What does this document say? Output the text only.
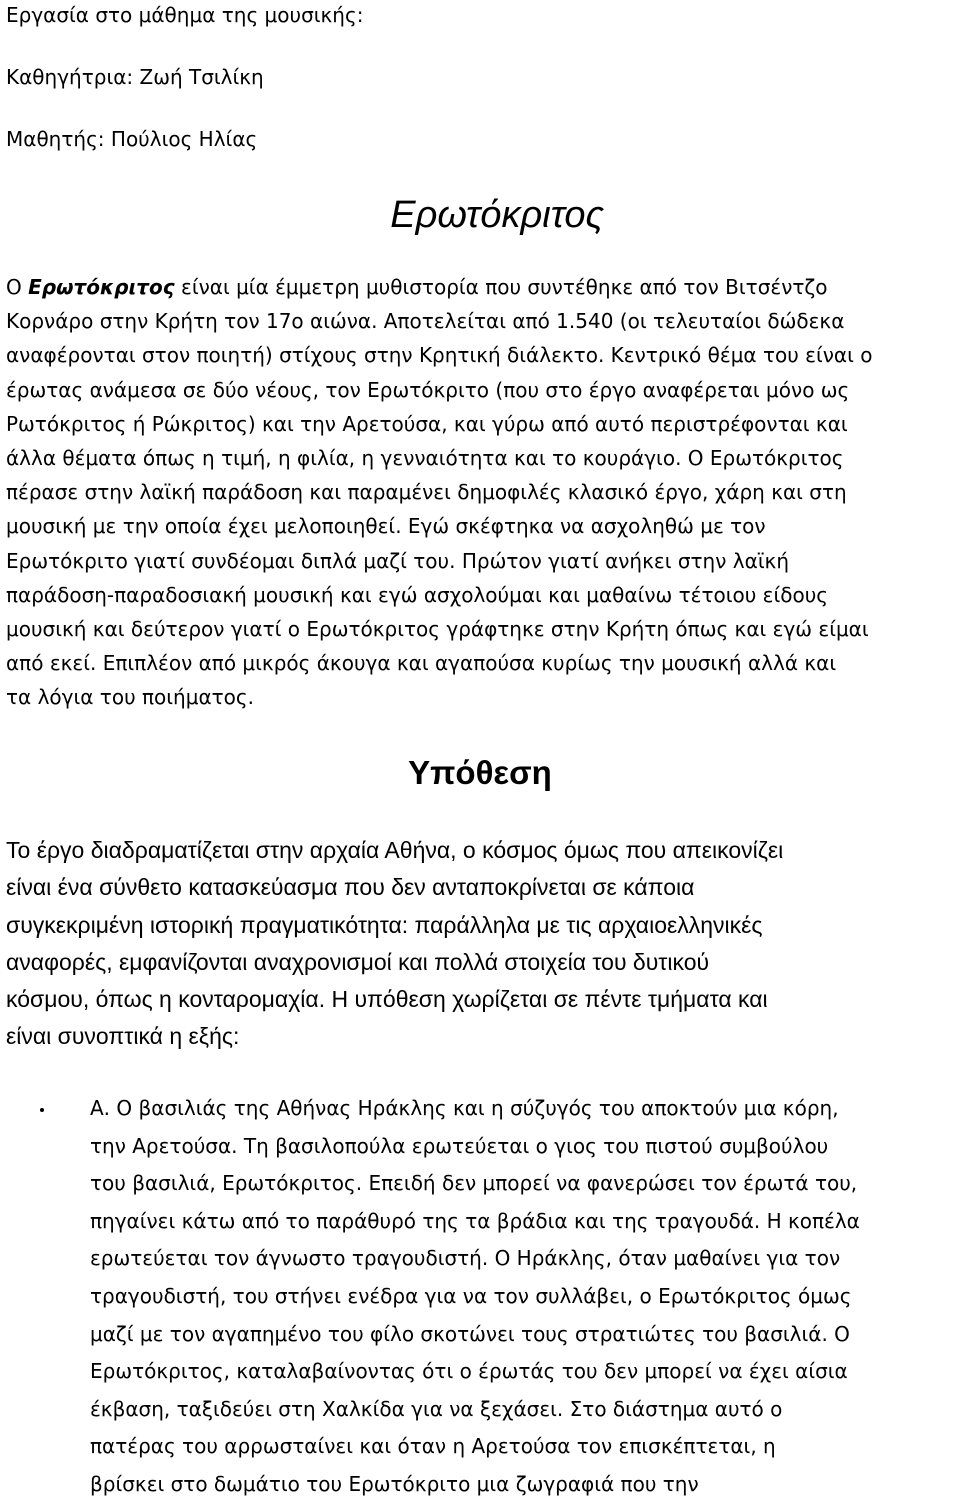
Εργασία στο μάθημα της μουσικής:
Καθηγήτρια: Ζωή Τσιλίκη
Μαθητής: Πούλιος Ηλίας
Ερωτόκριτος
Ο Ερωτόκριτος είναι μία έμμετρη μυθιστορία που συντέθηκε από τον Βιτσέντζο
Κορνάρο στην Κρήτη τον 17ο αιώνα. Αποτελείται από 1.540 (οι τελευταίοι δώδεκα
αναφέρονται στον ποιητή) στίχους στην Κρητική διάλεκτο. Κεντρικό θέμα του είναι ο
έρωτας ανάμεσα σε δύο νέους, τον Ερωτόκριτο (που στο έργο αναφέρεται μόνο ως
Ρωτόκριτος ή Ρώκριτος) και την Αρετούσα, και γύρω από αυτό περιστρέφονται και
άλλα θέματα όπως η τιμή, η φιλία, η γενναιότητα και το κουράγιο. Ο Ερωτόκριτος
πέρασε στην λαϊκή παράδοση και παραμένει δημοφιλές κλασικό έργο, χάρη και στη
μουσική με την οποία έχει μελοποιηθεί. Εγώ σκέφτηκα να ασχοληθώ με τον
Ερωτόκριτο γιατί συνδέομαι διπλά μαζί του. Πρώτον γιατί ανήκει στην λαϊκή
παράδοση-παραδοσιακή μουσική και εγώ ασχολούμαι και μαθαίνω τέτοιου είδους
μουσική και δεύτερον γιατί ο Ερωτόκριτος γράφτηκε στην Κρήτη όπως και εγώ είμαι
από εκεί. Επιπλέον από μικρός άκουγα και αγαπούσα κυρίως την μουσική αλλά και
τα λόγια του ποιήματος.
Υπόθεση
Το έργο διαδραματίζεται στην αρχαία Αθήνα, ο κόσμος όμως που απεικονίζει
είναι ένα σύνθετο κατασκεύασμα που δεν ανταποκρίνεται σε κάποια
συγκεκριμένη ιστορική πραγματικότητα: παράλληλα με τις αρχαιοελληνικές
αναφορές, εμφανίζονται αναχρονισμοί και πολλά στοιχεία του δυτικού
κόσμου, όπως η κονταρομαχία. Η υπόθεση χωρίζεται σε πέντε τμήματα και
είναι συνοπτικά η εξής:
Α. Ο βασιλιάς της Αθήνας Ηράκλης και η σύζυγός του αποκτούν μια κόρη,
την Αρετούσα. Τη βασιλοπούλα ερωτεύεται ο γιος του πιστού συμβούλου
του βασιλιά, Ερωτόκριτος. Επειδή δεν μπορεί να φανερώσει τον έρωτά του,
πηγαίνει κάτω από το παράθυρό της τα βράδια και της τραγουδά. Η κοπέλα
ερωτεύεται τον άγνωστο τραγουδιστή. Ο Ηράκλης, όταν μαθαίνει για τον
τραγουδιστή, του στήνει ενέδρα για να τον συλλάβει, ο Ερωτόκριτος όμως
μαζί με τον αγαπημένο του φίλο σκοτώνει τους στρατιώτες του βασιλιά. Ο
Ερωτόκριτος, καταλαβαίνοντας ότι ο έρωτάς του δεν μπορεί να έχει αίσια
έκβαση, ταξιδεύει στη Χαλκίδα για να ξεχάσει. Στο διάστημα αυτό ο
πατέρας του αρρωσταίνει και όταν η Αρετούσα τον επισκέπτεται, η
βρίσκει στο δωμάτιο του Ερωτόκριτο μια ζωγραφιά που την
